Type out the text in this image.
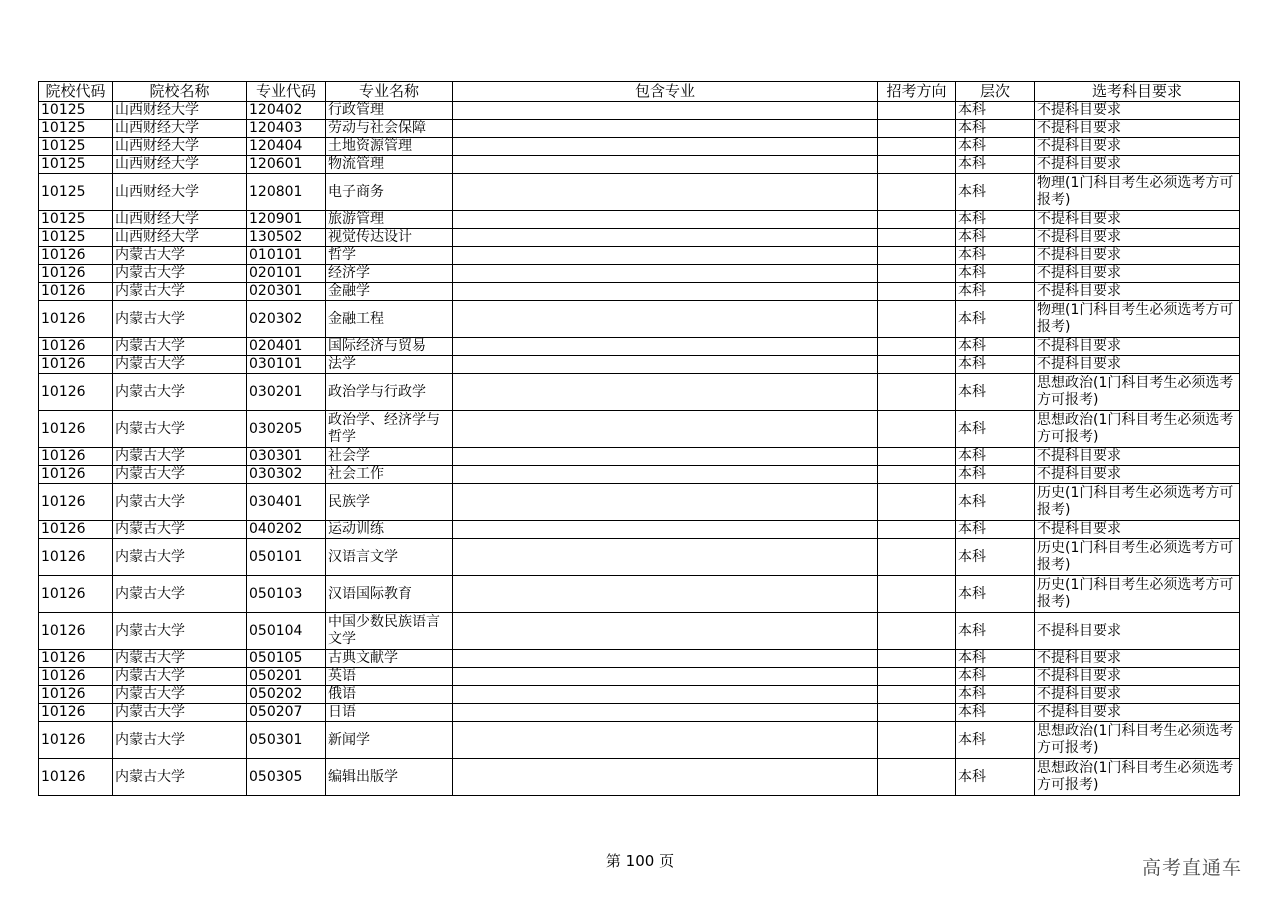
院校代码	院校名称	专业代码	专业名称	包含专业	招考方向	层次	选考科目要求
10125	山西财经大学	120402	行政管理			本科	不提科目要求
10125	山西财经大学	120403	劳动与社会保障			本科	不提科目要求
10125	山西财经大学	120404	土地资源管理			本科	不提科目要求
10125	山西财经大学	120601	物流管理			本科	不提科目要求
10125	山西财经大学	120801	电子商务			本科	物理(1门科目考生必须选考方可报考)
10125	山西财经大学	120901	旅游管理			本科	不提科目要求
10125	山西财经大学	130502	视觉传达设计			本科	不提科目要求
10126	内蒙古大学	010101	哲学			本科	不提科目要求
10126	内蒙古大学	020101	经济学			本科	不提科目要求
10126	内蒙古大学	020301	金融学			本科	不提科目要求
10126	内蒙古大学	020302	金融工程			本科	物理(1门科目考生必须选考方可报考)
10126	内蒙古大学	020401	国际经济与贸易			本科	不提科目要求
10126	内蒙古大学	030101	法学			本科	不提科目要求
10126	内蒙古大学	030201	政治学与行政学			本科	思想政治(1门科目考生必须选考方可报考)
10126	内蒙古大学	030205	政治学、经济学与哲学			本科	思想政治(1门科目考生必须选考方可报考)
10126	内蒙古大学	030301	社会学			本科	不提科目要求
10126	内蒙古大学	030302	社会工作			本科	不提科目要求
10126	内蒙古大学	030401	民族学			本科	历史(1门科目考生必须选考方可报考)
10126	内蒙古大学	040202	运动训练			本科	不提科目要求
10126	内蒙古大学	050101	汉语言文学			本科	历史(1门科目考生必须选考方可报考)
10126	内蒙古大学	050103	汉语国际教育			本科	历史(1门科目考生必须选考方可报考)
10126	内蒙古大学	050104	中国少数民族语言文学			本科	不提科目要求
10126	内蒙古大学	050105	古典文献学			本科	不提科目要求
10126	内蒙古大学	050201	英语			本科	不提科目要求
10126	内蒙古大学	050202	俄语			本科	不提科目要求
10126	内蒙古大学	050207	日语			本科	不提科目要求
10126	内蒙古大学	050301	新闻学			本科	思想政治(1门科目考生必须选考方可报考)
10126	内蒙古大学	050305	编辑出版学			本科	思想政治(1门科目考生必须选考方可报考)
第 100 页	高考直通车
